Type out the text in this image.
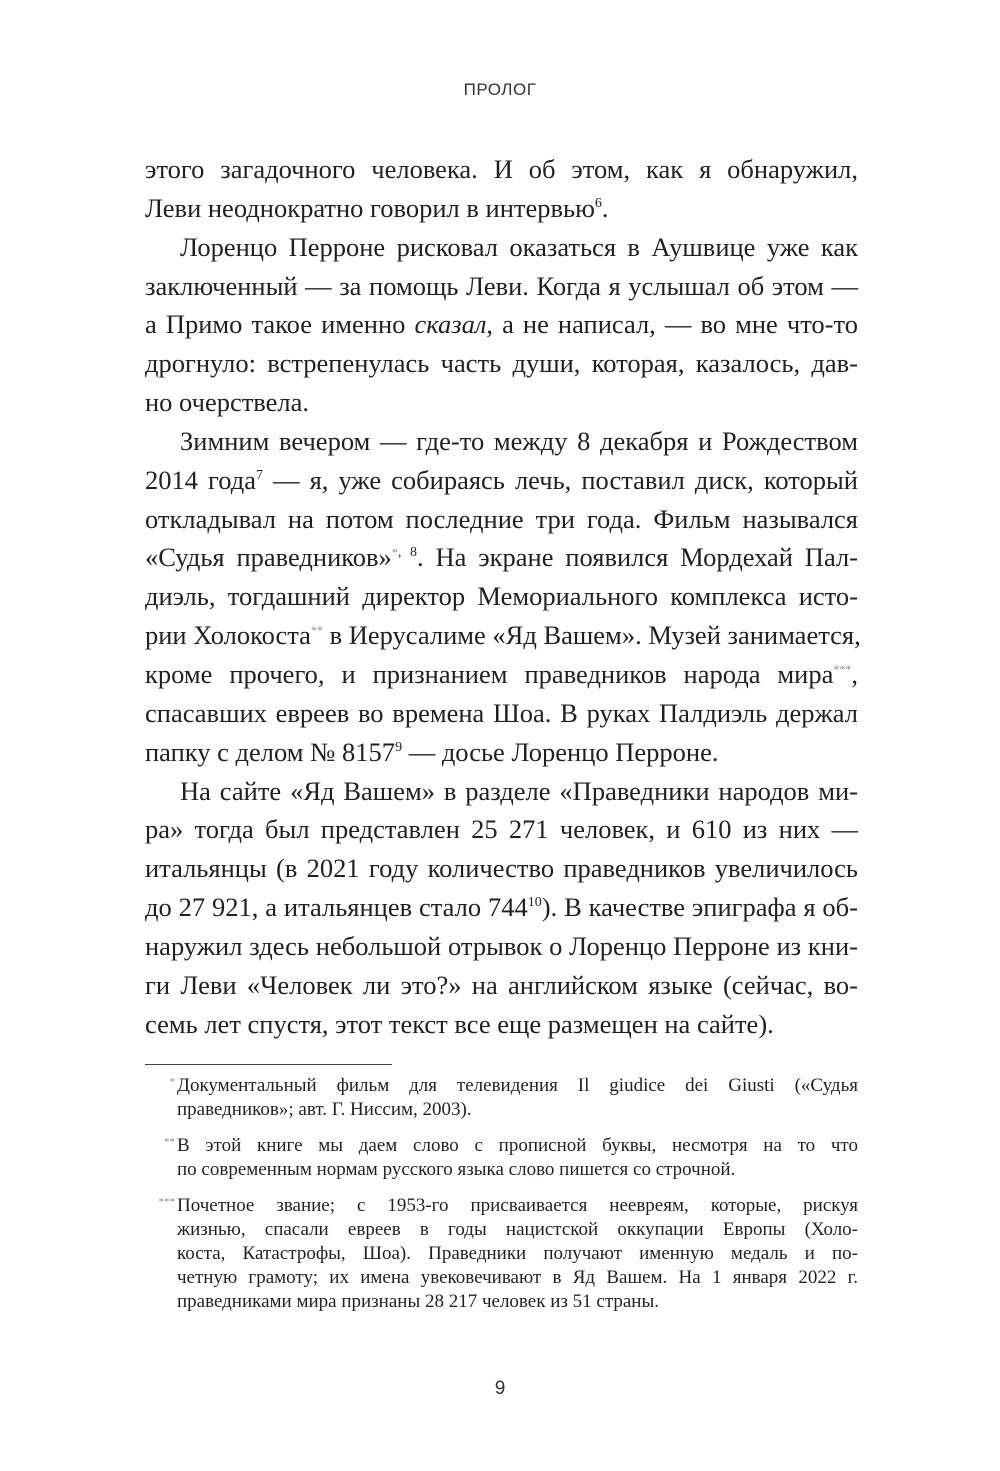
ПРОЛОГ
этого загадочного человека. И об этом, как я обнаружил,
Леви неоднократно говорил в интервью$^6$.
Лоренцо Перроне рисковал оказаться в Аушвице уже как
заключенный — за помощь Леви. Когда я услышал об этом —
а Примо такое именно сказал, а не написал, — во мне что-то
дрогнуло: встрепенулась часть души, которая, казалось, дав-
но очерствела.
Зимним вечером — где-то между 8 декабря и Рождеством
2014 года$^7$ — я, уже собираясь лечь, поставил диск, который
откладывал на потом последние три года. Фильм назывался
«Судья праведников»$^{*, 8}$. На экране появился Мордехай Пал-
диэль, тогдашний директор Мемориального комплекса исто-
рии Холокоста** в Иерусалиме «Яд Вашем». Музей занимается,
кроме прочего, и признанием праведников народа мира***,
спасавших евреев во времена Шоа. В руках Палдиэль держал
папку с делом № 8157$^9$ — досье Лоренцо Перроне.
На сайте «Яд Вашем» в разделе «Праведники народов ми-
ра» тогда был представлен 25 271 человек, и 610 из них —
итальянцы (в 2021 году количество праведников увеличилось
до 27 921, а итальянцев стало $744^{10}$). В качестве эпиграфа я об-
наружил здесь небольшой отрывок о Лоренцо Перроне из кни-
ги Леви «Человек ли это?» на английском языке (сейчас, во-
семь лет спустя, этот текст все еще размещен на сайте).
* Документальный фильм для телевидения Il giudice dei Giusti («Судья
праведников»; авт. Г. Ниссим, 2003).
** В этой книге мы даем слово с прописной буквы, несмотря на то что
по современным нормам русского языка слово пишется со строчной.
*** Почетное звание; с 1953-го присваивается неевреям, которые, рискуя
жизнью, спасали евреев в годы нацистской оккупации Европы (Холо-
коста, Катастрофы, Шоа). Праведники получают именную медаль и по-
четную грамоту; их имена увековечивают в Яд Вашем. На 1 января 2022 г.
праведниками мира признаны 28 217 человек из 51 страны.
9
